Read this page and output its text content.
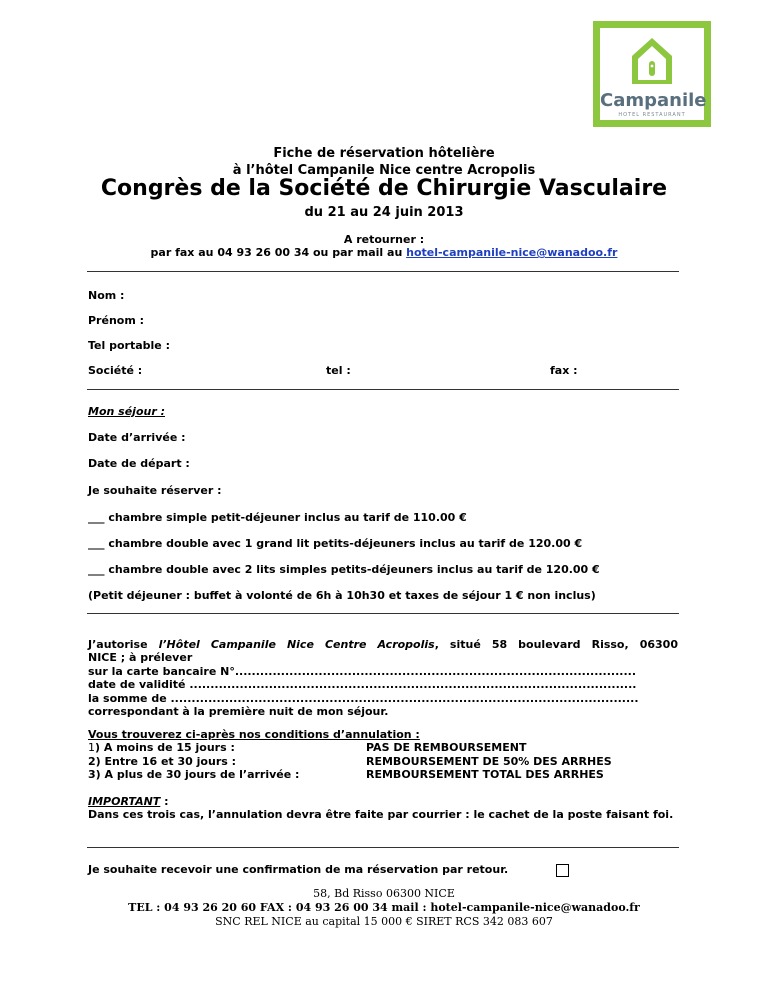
Campanile
HOTEL RESTAURANT
Fiche de réservation hôtelière
à l’hôtel Campanile Nice centre Acropolis
Congrès de la Société de Chirurgie Vasculaire
du 21 au 24 juin 2013
A retourner :
par fax au 04 93 26 00 34 ou par mail au hotel-campanile-nice@wanadoo.fr
Nom :
Prénom :
Tel portable :
Société :	tel :	fax :
Mon séjour :
Date d’arrivée :
Date de départ :
Je souhaite réserver :
___ chambre simple petit-déjeuner inclus au tarif de 110.00 €
___ chambre double avec 1 grand lit petits-déjeuners inclus au tarif de 120.00 €
___ chambre double avec 2 lits simples petits-déjeuners inclus au tarif de 120.00 €
(Petit déjeuner : buffet à volonté de 6h à 10h30 et taxes de séjour 1 € non inclus)
J’autorise l’Hôtel Campanile Nice Centre Acropolis, situé 58 boulevard Risso, 06300
NICE ; à prélever
sur la carte bancaire N°................................................................................................
date de validité ...........................................................................................................
la somme de ................................................................................................................
correspondant à la première nuit de mon séjour.
Vous trouverez ci-après nos conditions d’annulation :
1) A moins de 15 jours :	PAS DE REMBOURSEMENT
2) Entre 16 et 30 jours :	REMBOURSEMENT DE 50% DES ARRHES
3) A plus de 30 jours de l’arrivée :	REMBOURSEMENT TOTAL DES ARRHES
IMPORTANT :
Dans ces trois cas, l’annulation devra être faite par courrier : le cachet de la poste faisant foi.
Je souhaite recevoir une confirmation de ma réservation par retour.
58, Bd Risso 06300 NICE
TEL : 04 93 26 20 60 FAX : 04 93 26 00 34 mail : hotel-campanile-nice@wanadoo.fr
SNC REL NICE au capital 15 000 € SIRET RCS 342 083 607
